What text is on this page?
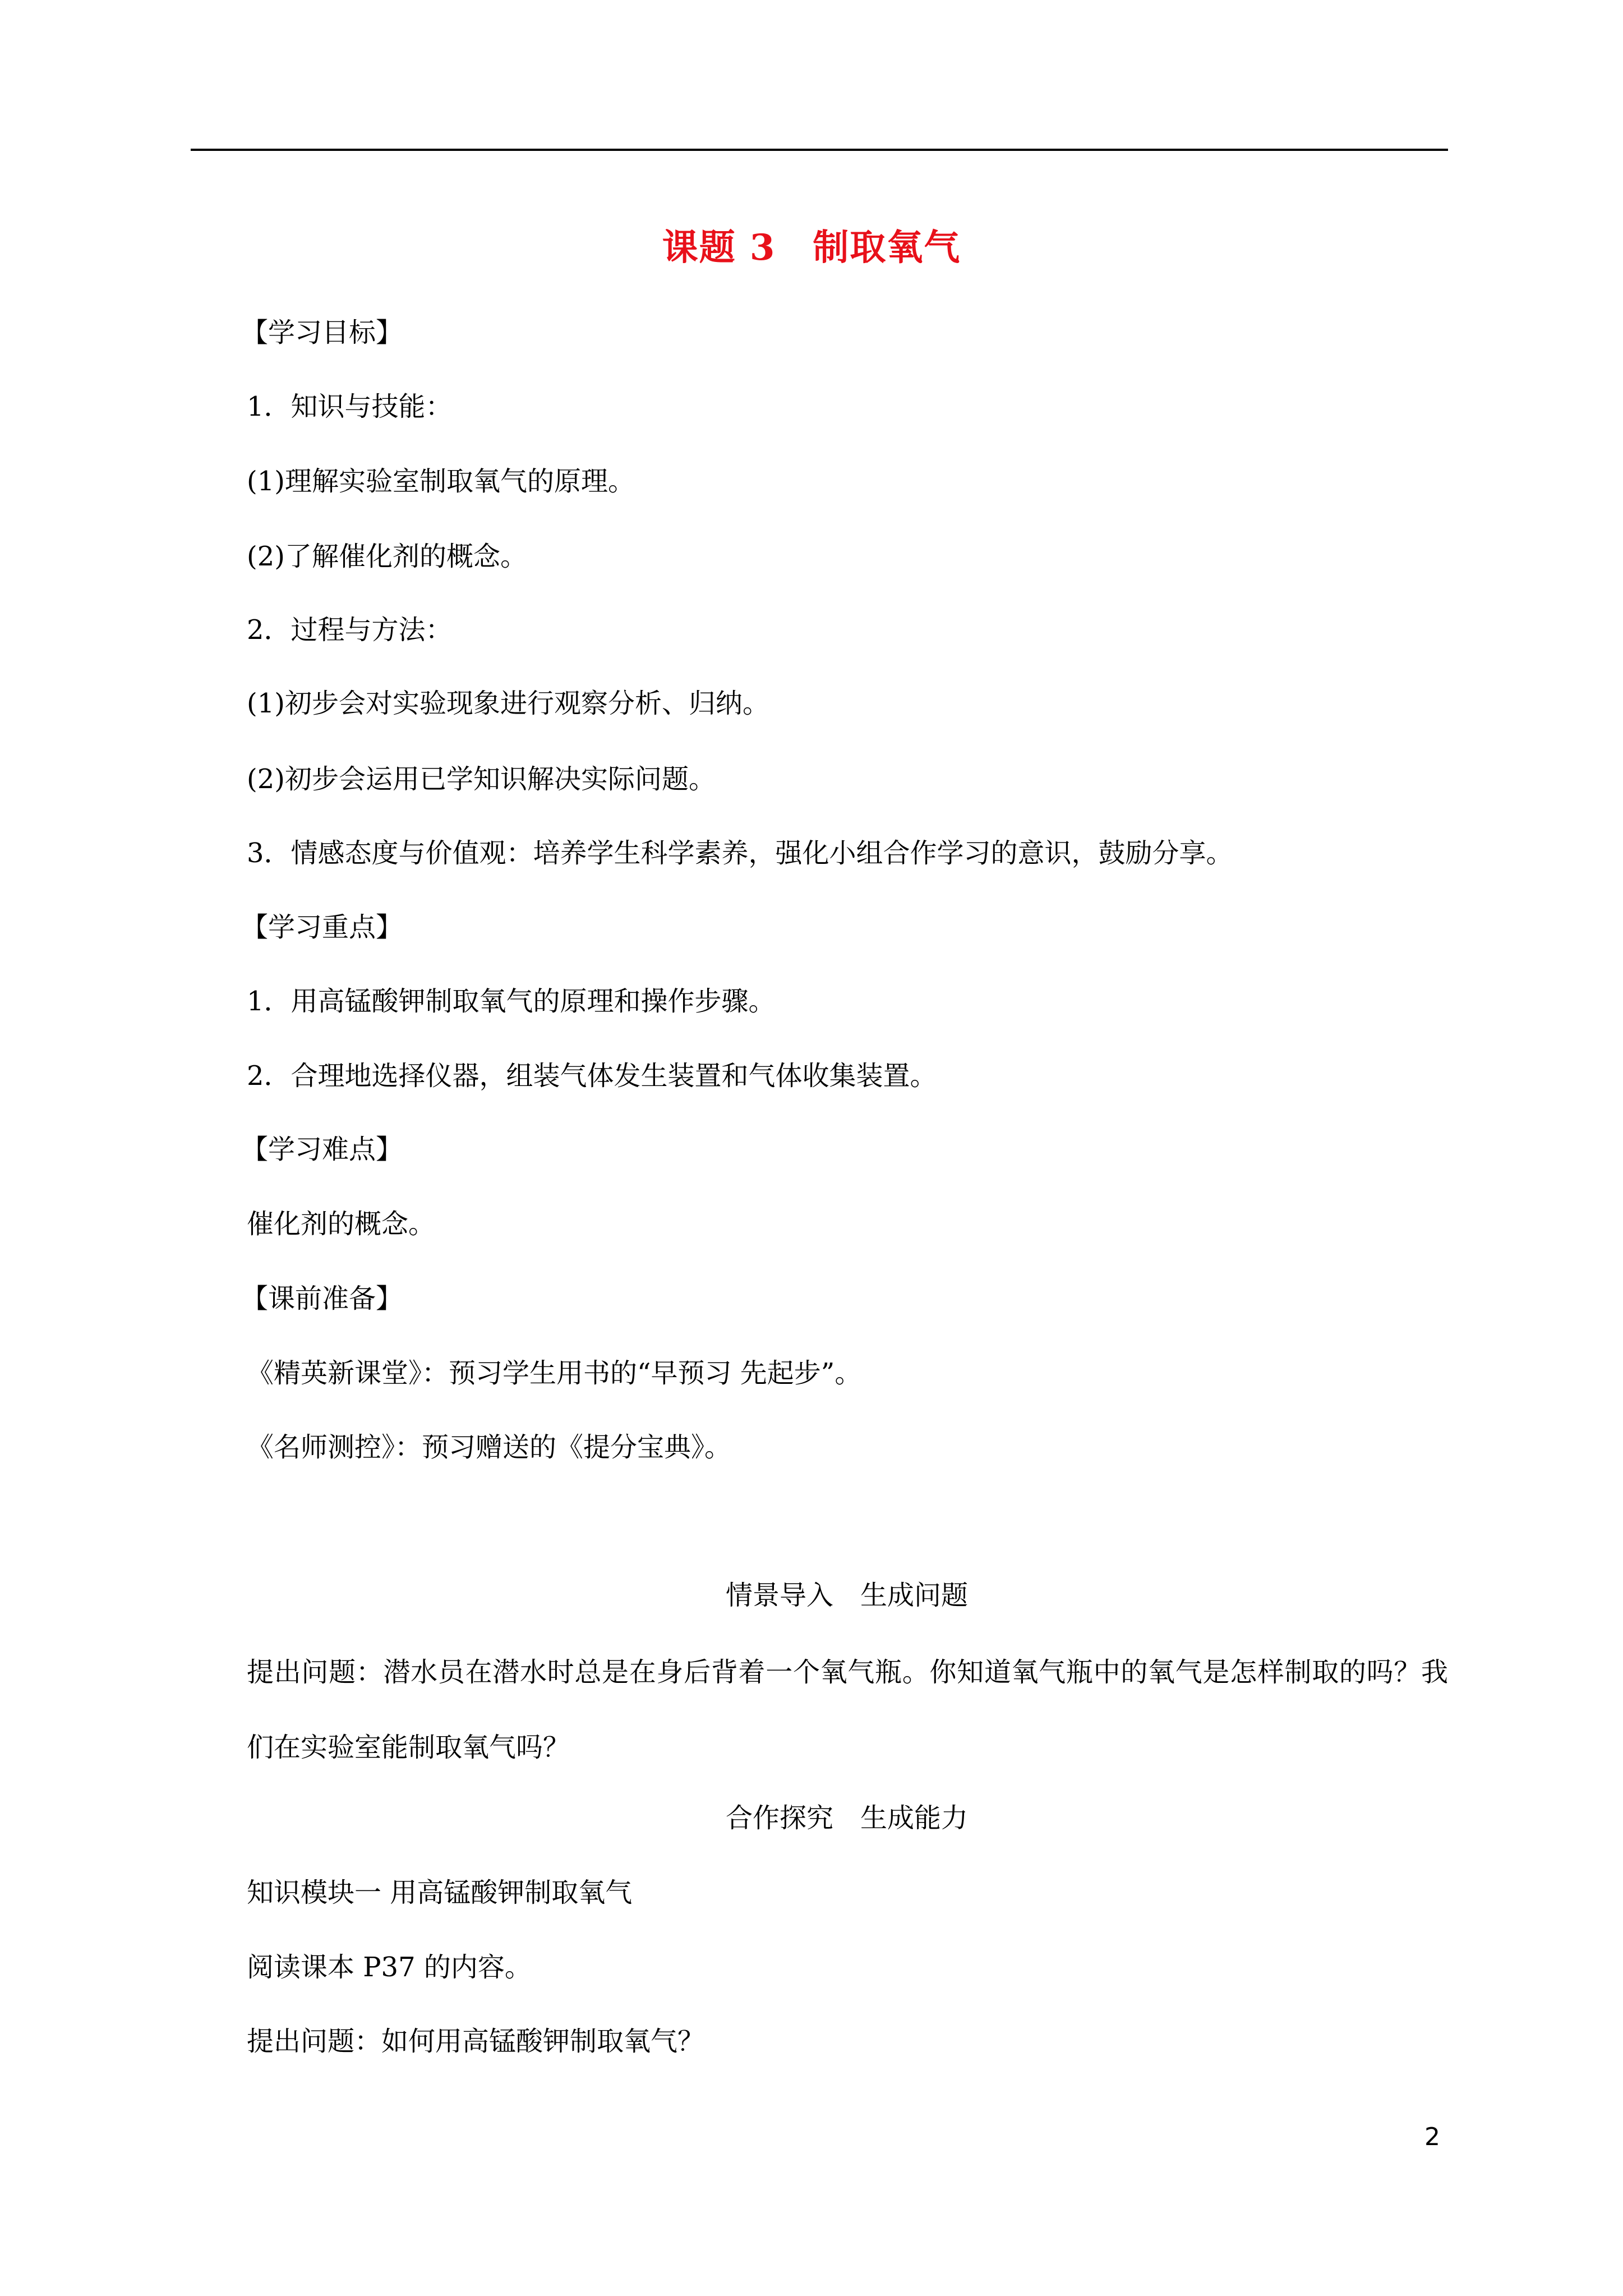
课题 3　制取氧气
【学习目标】
1．知识与技能：
(1)理解实验室制取氧气的原理。
(2)了解催化剂的概念。
2．过程与方法：
(1)初步会对实验现象进行观察分析、归纳。
(2)初步会运用已学知识解决实际问题。
3．情感态度与价值观：培养学生科学素养，强化小组合作学习的意识，鼓励分享。
【学习重点】
1．用高锰酸钾制取氧气的原理和操作步骤。
2．合理地选择仪器，组装气体发生装置和气体收集装置。
【学习难点】
催化剂的概念。
【课前准备】
《精英新课堂》：预习学生用书的“早预习 先起步”。
《名师测控》：预习赠送的《提分宝典》。
情景导入　生成问题
提出问题：潜水员在潜水时总是在身后背着一个氧气瓶。你知道氧气瓶中的氧气是怎样制取的吗？我们在实验室能制取氧气吗？
合作探究　生成能力
知识模块一 用高锰酸钾制取氧气
阅读课本 P37 的内容。
提出问题：如何用高锰酸钾制取氧气？
2
